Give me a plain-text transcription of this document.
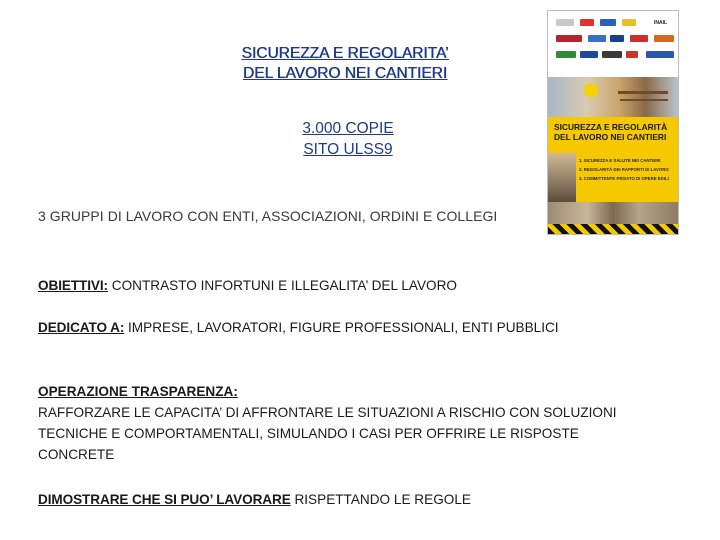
SICUREZZA E REGOLARITA’
DEL LAVORO NEI CANTIERI
3.000 COPIE
SITO ULSS9
3 GRUPPI DI LAVORO CON ENTI, ASSOCIAZIONI, ORDINI E COLLEGI
OBIETTIVI: CONTRASTO INFORTUNI E ILLEGALITA’ DEL LAVORO
DEDICATO A: IMPRESE, LAVORATORI, FIGURE PROFESSIONALI, ENTI PUBBLICI
OPERAZIONE TRASPARENZA:
RAFFORZARE LE CAPACITA’ DI AFFRONTARE LE SITUAZIONI A RISCHIO CON SOLUZIONI TECNICHE E COMPORTAMENTALI, SIMULANDO I CASI PER OFFRIRE LE RISPOSTE CONCRETE
DIMOSTRARE CHE SI PUO’ LAVORARE RISPETTANDO LE REGOLE
INAIL
SICUREZZA E REGOLARITÀ
DEL LAVORO NEI CANTIERI
1. SICUREZZA E SALUTE NEI CANTIERI
2. REGOLARITÀ DEI RAPPORTI DI LAVORO
3. COMMITTENTE PRIVATO DI OPERE EDILI
